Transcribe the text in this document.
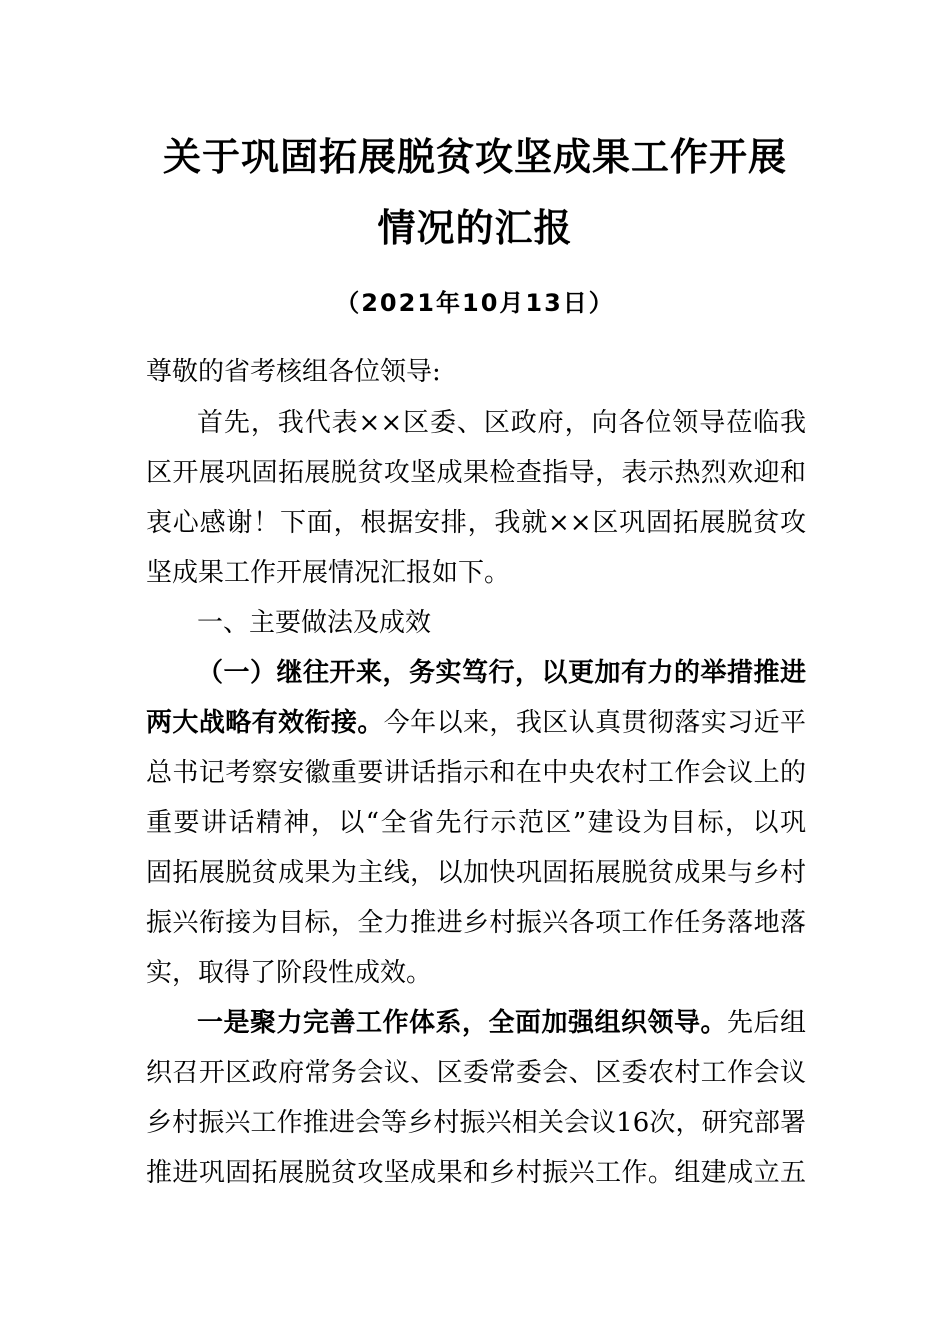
关于巩固拓展脱贫攻坚成果工作开展
情况的汇报
（2021年10月13日）
尊敬的省考核组各位领导:
首先，我代表××区委、区政府，向各位领导莅临我
区开展巩固拓展脱贫攻坚成果检查指导，表示热烈欢迎和
衷心感谢！下面，根据安排，我就××区巩固拓展脱贫攻
坚成果工作开展情况汇报如下。
一、主要做法及成效
（一）继往开来，务实笃行，以更加有力的举措推进
两大战略有效衔接。今年以来，我区认真贯彻落实习近平
总书记考察安徽重要讲话指示和在中央农村工作会议上的
重要讲话精神，以“全省先行示范区”建设为目标，以巩
固拓展脱贫成果为主线，以加快巩固拓展脱贫成果与乡村
振兴衔接为目标，全力推进乡村振兴各项工作任务落地落
实，取得了阶段性成效。
一是聚力完善工作体系，全面加强组织领导。先后组
织召开区政府常务会议、区委常委会、区委农村工作会议
乡村振兴工作推进会等乡村振兴相关会议16次，研究部署
推进巩固拓展脱贫攻坚成果和乡村振兴工作。组建成立五
